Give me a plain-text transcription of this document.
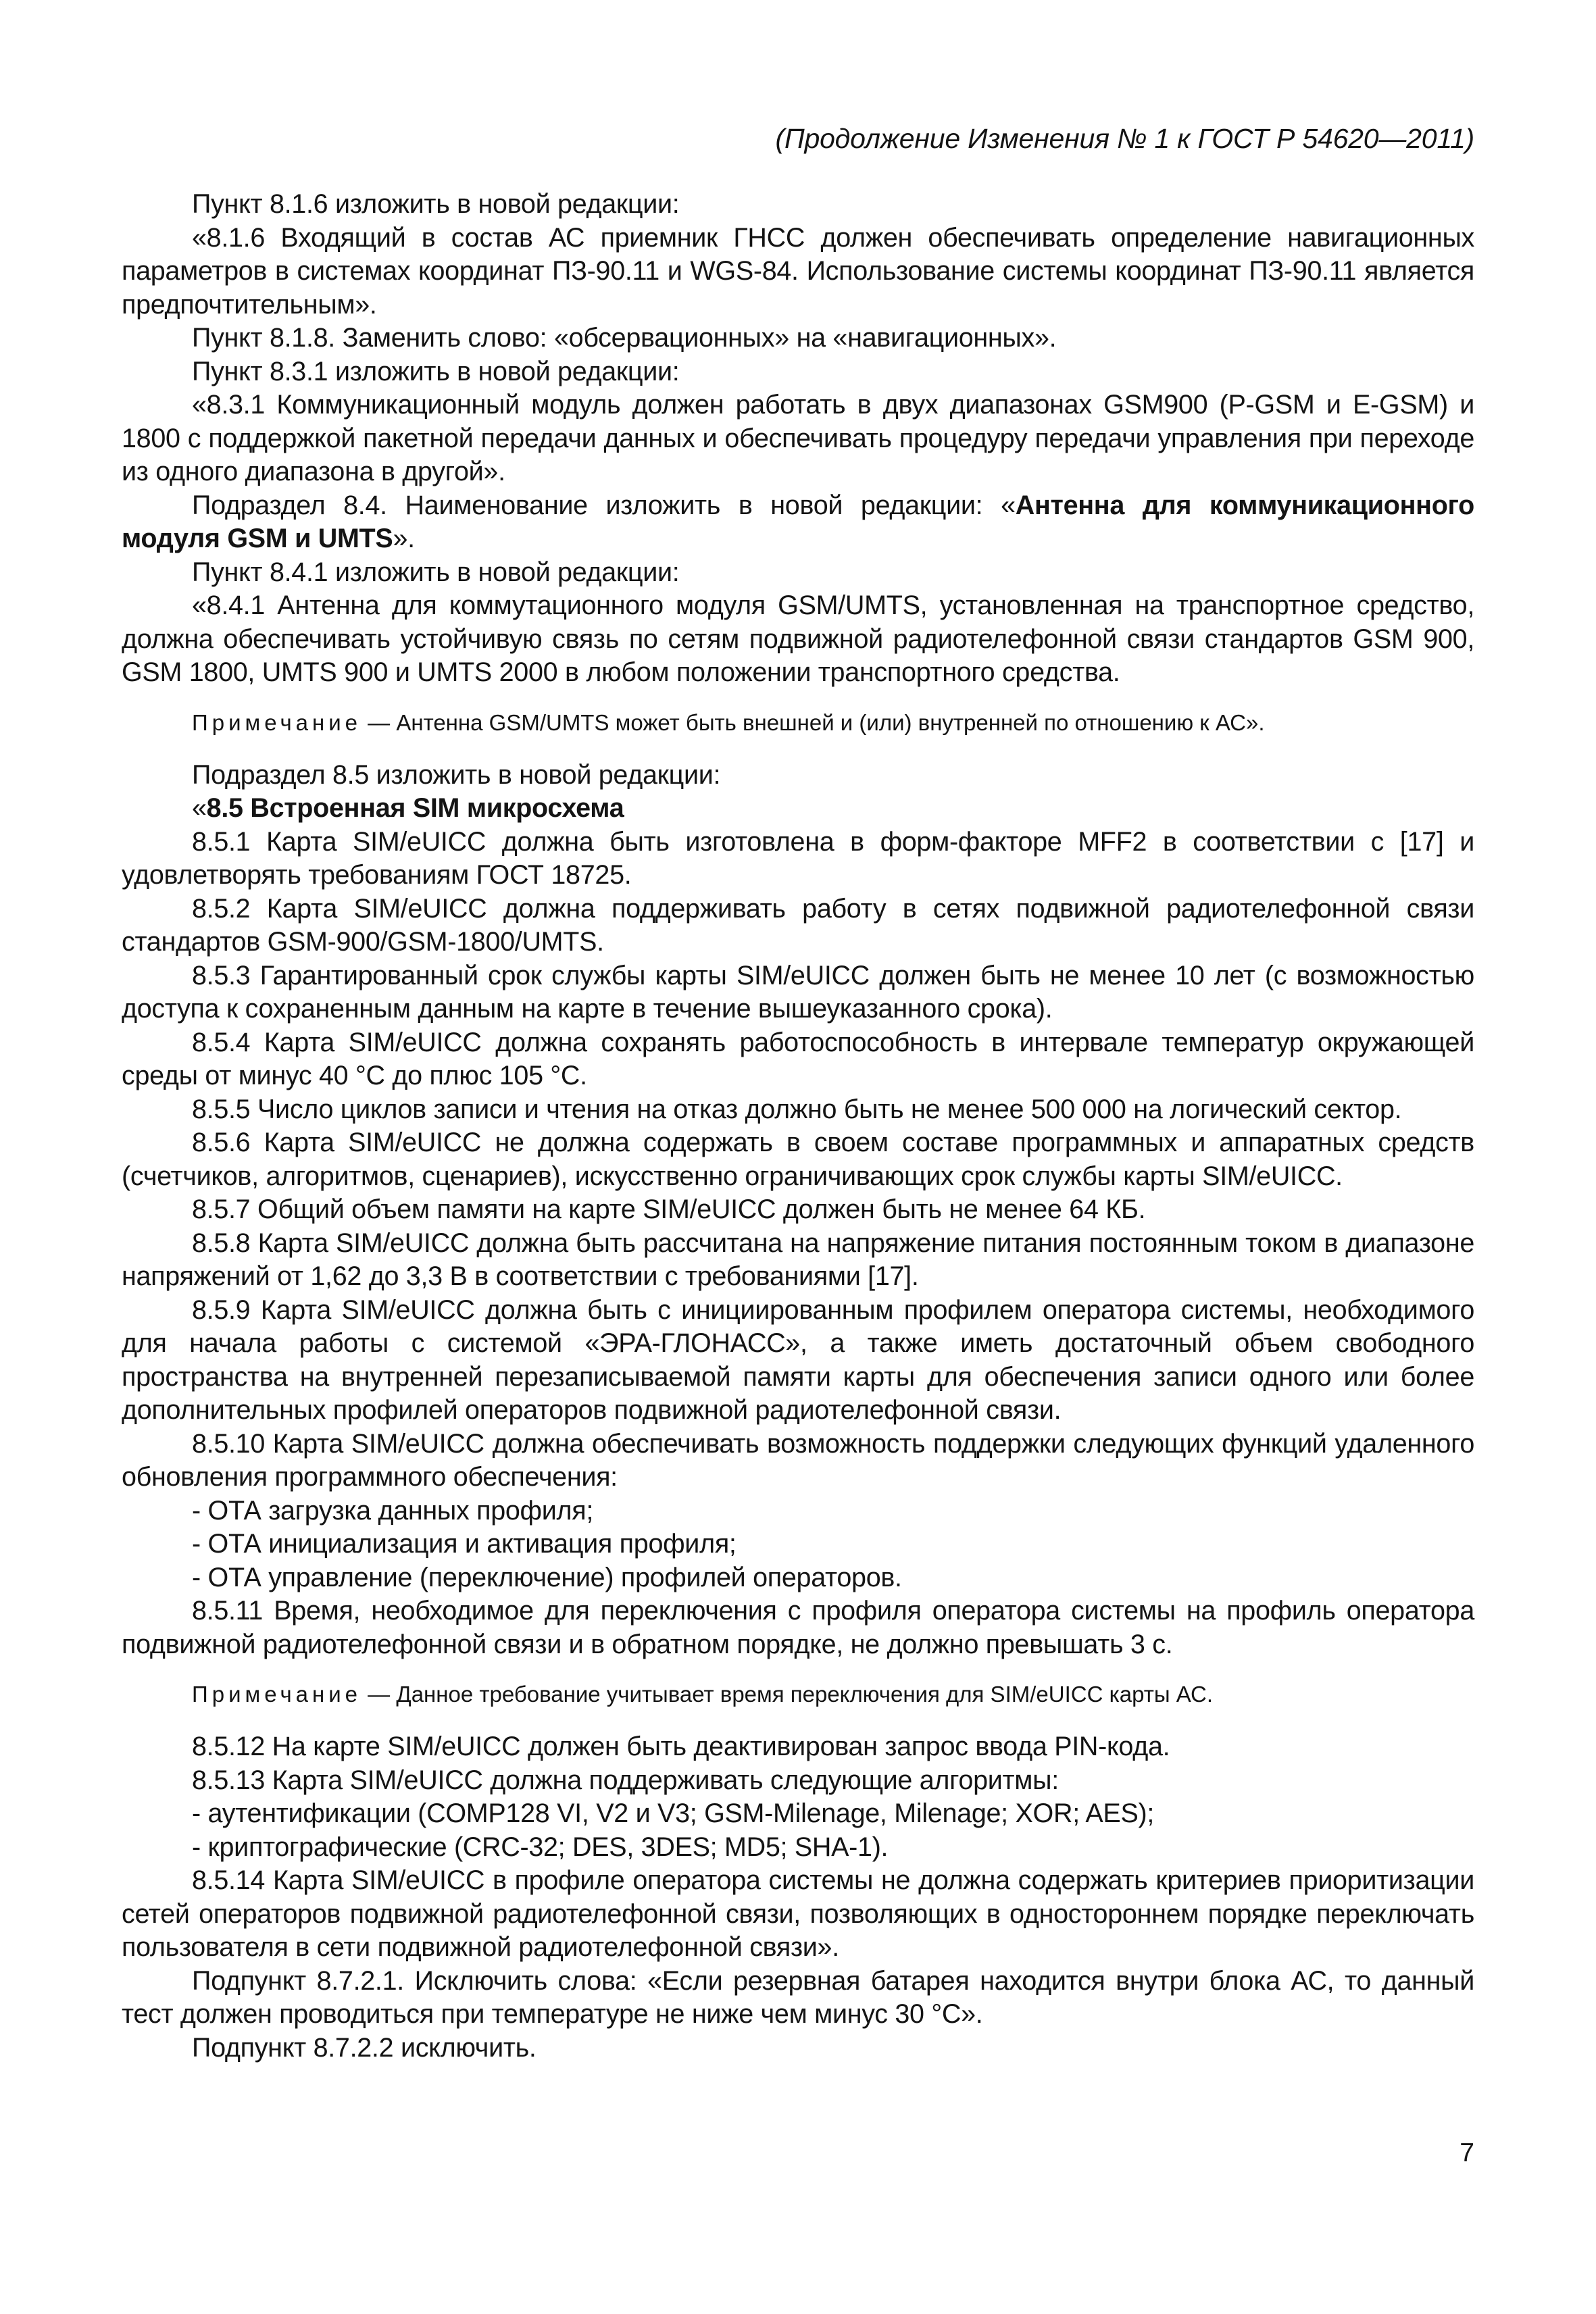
(Продолжение Изменения № 1 к ГОСТ Р 54620—2011)

Пункт 8.1.6 изложить в новой редакции:

«8.1.6 Входящий в состав АС приемник ГНСС должен обеспечивать определение навигационных параметров в системах координат ПЗ-90.11 и WGS-84. Использование системы координат ПЗ-90.11 является предпочтительным».

Пункт 8.1.8. Заменить слово: «обсервационных» на «навигационных».

Пункт 8.3.1 изложить в новой редакции:

«8.3.1 Коммуникационный модуль должен работать в двух диапазонах GSM900 (P-GSM и E-GSM) и 1800 с поддержкой пакетной передачи данных и обеспечивать процедуру передачи управления при переходе из одного диапазона в другой».

Подраздел 8.4. Наименование изложить в новой редакции: «Антенна для коммуникационного модуля GSM и UMTS».

Пункт 8.4.1 изложить в новой редакции:

«8.4.1 Антенна для коммутационного модуля GSM/UMTS, установленная на транспортное средство, должна обеспечивать устойчивую связь по сетям подвижной радиотелефонной связи стандартов GSM 900, GSM 1800, UMTS 900 и UMTS 2000 в любом положении транспортного средства.

Примечание — Антенна GSM/UMTS может быть внешней и (или) внутренней по отношению к АС».

Подраздел 8.5 изложить в новой редакции:

«8.5 Встроенная SIM микросхема

8.5.1 Карта SIM/eUICC должна быть изготовлена в форм-факторе MFF2 в соответствии с [17] и удовлетворять требованиям ГОСТ 18725.

8.5.2 Карта SIM/eUICC должна поддерживать работу в сетях подвижной радиотелефонной связи стандартов GSM-900/GSM-1800/UMTS.

8.5.3 Гарантированный срок службы карты SIM/eUICC должен быть не менее 10 лет (с возможностью доступа к сохраненным данным на карте в течение вышеуказанного срока).

8.5.4 Карта SIM/eUICC должна сохранять работоспособность в интервале температур окружающей среды от минус 40 °С до плюс 105 °С.

8.5.5 Число циклов записи и чтения на отказ должно быть не менее 500 000 на логический сектор.

8.5.6 Карта SIM/eUICC не должна содержать в своем составе программных и аппаратных средств (счетчиков, алгоритмов, сценариев), искусственно ограничивающих срок службы карты SIM/eUICC.

8.5.7 Общий объем памяти на карте SIM/eUICC должен быть не менее 64 КБ.

8.5.8 Карта SIM/eUICC должна быть рассчитана на напряжение питания постоянным током в диапазоне напряжений от 1,62 до 3,3 В в соответствии с требованиями [17].

8.5.9 Карта SIM/eUICC должна быть с инициированным профилем оператора системы, необходимого для начала работы с системой «ЭРА-ГЛОНАСС», а также иметь достаточный объем свободного пространства на внутренней перезаписываемой памяти карты для обеспечения записи одного или более дополнительных профилей операторов подвижной радиотелефонной связи.

8.5.10 Карта SIM/eUICC должна обеспечивать возможность поддержки следующих функций удаленного обновления программного обеспечения:

- ОТА загрузка данных профиля;

- ОТА инициализация и активация профиля;

- ОТА управление (переключение) профилей операторов.

8.5.11 Время, необходимое для переключения с профиля оператора системы на профиль оператора подвижной радиотелефонной связи и в обратном порядке, не должно превышать 3 с.

Примечание — Данное требование учитывает время переключения для SIM/eUICC карты АС.

8.5.12 На карте SIM/eUICC должен быть деактивирован запрос ввода PIN-кода.

8.5.13 Карта SIM/eUICC должна поддерживать следующие алгоритмы:

- аутентификации (COMP128 VI, V2 и V3; GSM-Milenage, Milenage; XOR; AES);

- криптографические (CRC-32; DES, 3DES; MD5; SHA-1).

8.5.14 Карта SIM/eUICC в профиле оператора системы не должна содержать критериев приоритизации сетей операторов подвижной радиотелефонной связи, позволяющих в одностороннем порядке переключать пользователя в сети подвижной радиотелефонной связи».

Подпункт 8.7.2.1. Исключить слова: «Если резервная батарея находится внутри блока АС, то данный тест должен проводиться при температуре не ниже чем минус 30 °С».

Подпункт 8.7.2.2 исключить.

7
